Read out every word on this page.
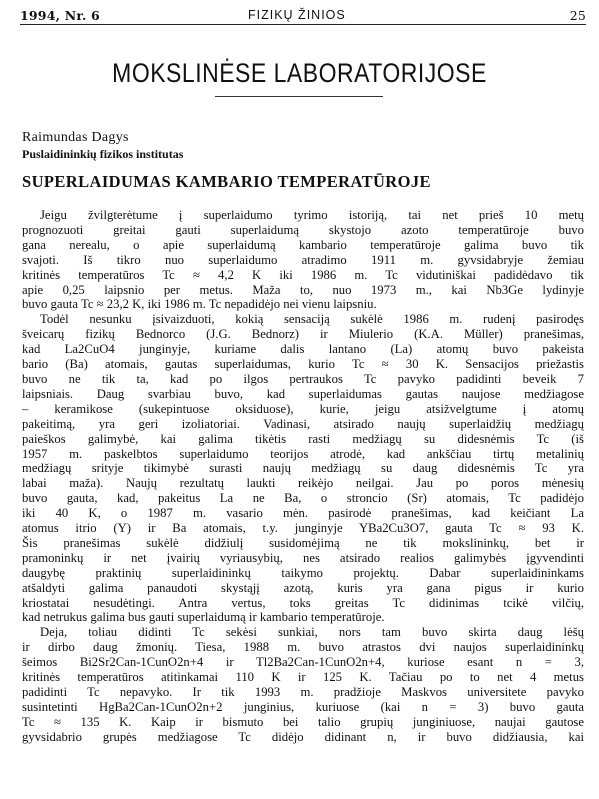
1994, Nr. 6	FIZIKŲ ŽINIOS	25
MOKSLINĖSE LABORATORIJOSE
Raimundas Dagys
Puslaidininkių fizikos institutas
SUPERLAIDUMAS KAMBARIO TEMPERATŪROJE
Jeigu žvilgterėtume į superlaidumo tyrimo istoriją, tai net prieš 10 metų
prognozuoti greitai gauti superlaidumą skystojo azoto temperatūroje buvo
gana nerealu, o apie superlaidumą kambario temperatūroje galima buvo tik
svajoti. Iš tikro nuo superlaidumo atradimo 1911 m. gyvsidabryje žemiau
kritinės temperatūros Tc ≈ 4,2 K iki 1986 m. Tc vidutiniškai padidėdavo tik
apie 0,25 laipsnio per metus. Maža to, nuo 1973 m., kai Nb3Ge lydinyje
buvo gauta Tc ≈ 23,2 K, iki 1986 m. Tc nepadidėjo nei vienu laipsniu.
Todėl nesunku įsivaizduoti, kokią sensaciją sukėlė 1986 m. rudenį pasirodęs
šveicarų fizikų Bednorco (J.G. Bednorz) ir Miulerio (K.A. Müller) pranešimas,
kad La2CuO4 junginyje, kuriame dalis lantano (La) atomų buvo pakeista
bario (Ba) atomais, gautas superlaidumas, kurio Tc ≈ 30 K. Sensacijos priežastis
buvo ne tik ta, kad po ilgos pertraukos Tc pavyko padidinti beveik 7
laipsniais. Daug svarbiau buvo, kad superlaidumas gautas naujose medžiagose
– keramikose (sukepintuose oksiduose), kurie, jeigu atsižvelgtume į atomų
pakeitimą, yra geri izoliatoriai. Vadinasi, atsirado naujų superlaidžių medžiagų
paieškos galimybė, kai galima tikėtis rasti medžiagų su didesnėmis Tc (iš
1957 m. paskelbtos superlaidumo teorijos atrodė, kad ankščiau tirtų metalinių
medžiagų srityje tikimybė surasti naujų medžiagų su daug didesnėmis Tc yra
labai maža). Naujų rezultatų laukti reikėjo neilgai. Jau po poros mėnesių
buvo gauta, kad, pakeitus La ne Ba, o stroncio (Sr) atomais, Tc padidėjo
iki 40 K, o 1987 m. vasario mėn. pasirodė pranešimas, kad keičiant La
atomus itrio (Y) ir Ba atomais, t.y. junginyje YBa2Cu3O7, gauta Tc ≈ 93 K.
Šis pranešimas sukėlė didžiulį susidomėjimą ne tik mokslininkų, bet ir
pramoninkų ir net įvairių vyriausybių, nes atsirado realios galimybės įgyvendinti
daugybę praktinių superlaidininkų taikymo projektų. Dabar superlaidininkams
atšaldyti galima panaudoti skystąjį azotą, kuris yra gana pigus ir kurio
kriostatai nesudėtingi. Antra vertus, toks greitas Tc didinimas tcikė vilčių,
kad netrukus galima bus gauti superlaidumą ir kambario temperatūroje.
Deja, toliau didinti Tc sekėsi sunkiai, nors tam buvo skirta daug lėšų
ir dirbo daug žmonių. Tiesa, 1988 m. buvo atrastos dvi naujos superlaidininkų
šeimos Bi2Sr2Can-1CunO2n+4 ir Tl2Ba2Can-1CunO2n+4, kuriose esant n = 3,
kritinės temperatūros atitinkamai 110 K ir 125 K. Tačiau po to net 4 metus
padidinti Tc nepavyko. Ir tik 1993 m. pradžioje Maskvos universitete pavyko
susintetinti HgBa2Can-1CunO2n+2 junginius, kuriuose (kai n = 3) buvo gauta
Tc ≈ 135 K. Kaip ir bismuto bei talio grupių junginiuose, naujai gautose
gyvsidabrio grupės medžiagose Tc didėjo didinant n, ir buvo didžiausia, kai
